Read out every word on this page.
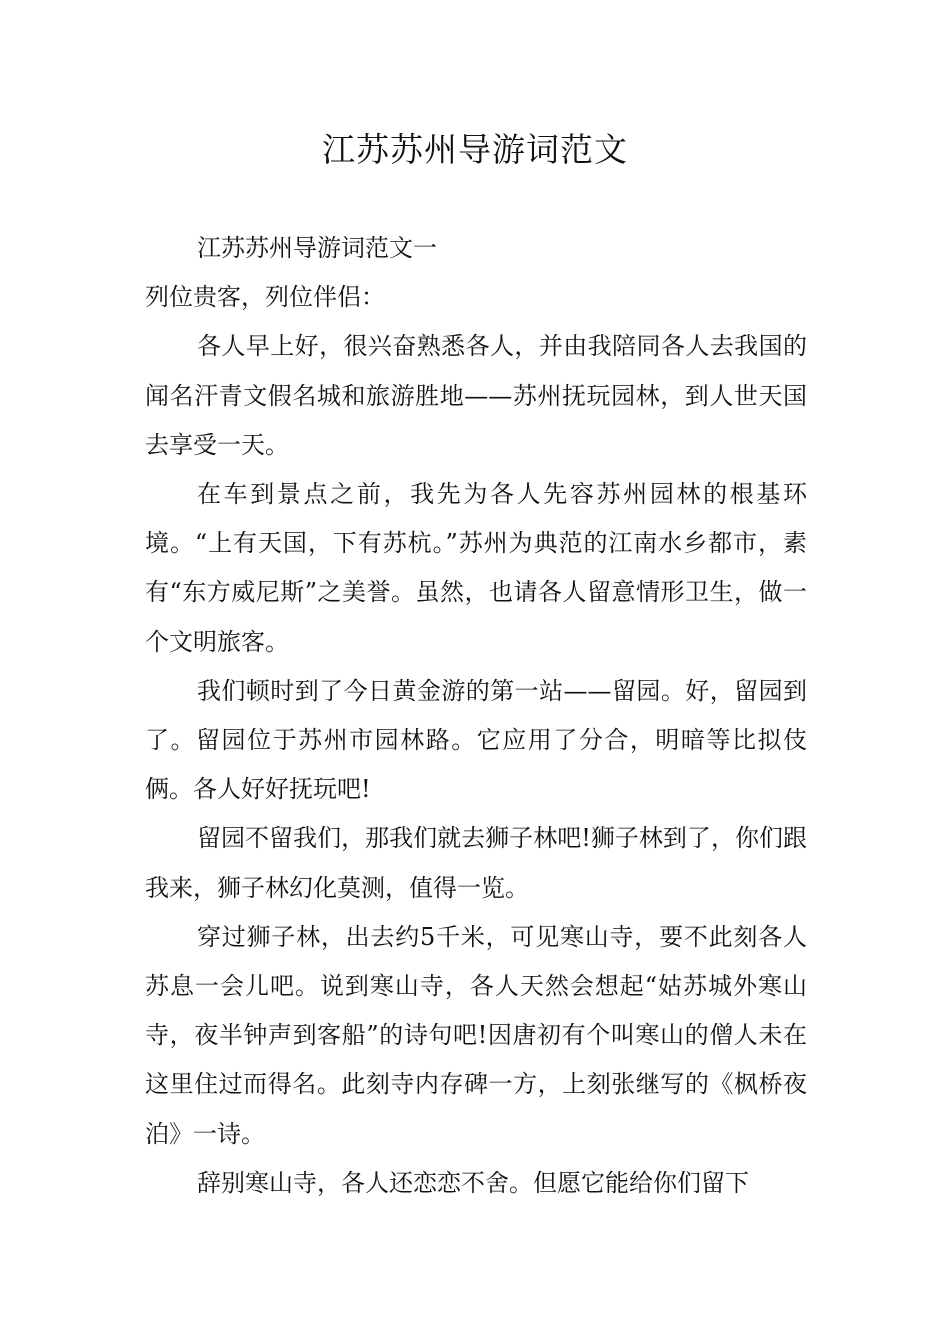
江苏苏州导游词范文

江苏苏州导游词范文一

列位贵客，列位伴侣：

各人早上好，很兴奋熟悉各人，并由我陪同各人去我国的闻名汗青文假名城和旅游胜地——苏州抚玩园林，到人世天国去享受一天。

在车到景点之前，我先为各人先容苏州园林的根基环境。“上有天国，下有苏杭。”苏州为典范的江南水乡都市，素有“东方威尼斯”之美誉。虽然，也请各人留意情形卫生，做一个文明旅客。

我们顿时到了今日黄金游的第一站——留园。好，留园到了。留园位于苏州市园林路。它应用了分合，明暗等比拟伎俩。各人好好抚玩吧!

留园不留我们，那我们就去狮子林吧!狮子林到了，你们跟我来，狮子林幻化莫测，值得一览。

穿过狮子林，出去约5千米，可见寒山寺，要不此刻各人苏息一会儿吧。说到寒山寺，各人天然会想起“姑苏城外寒山寺，夜半钟声到客船”的诗句吧!因唐初有个叫寒山的僧人未在这里住过而得名。此刻寺内存碑一方，上刻张继写的《枫桥夜泊》一诗。

辞别寒山寺，各人还恋恋不舍。但愿它能给你们留下
